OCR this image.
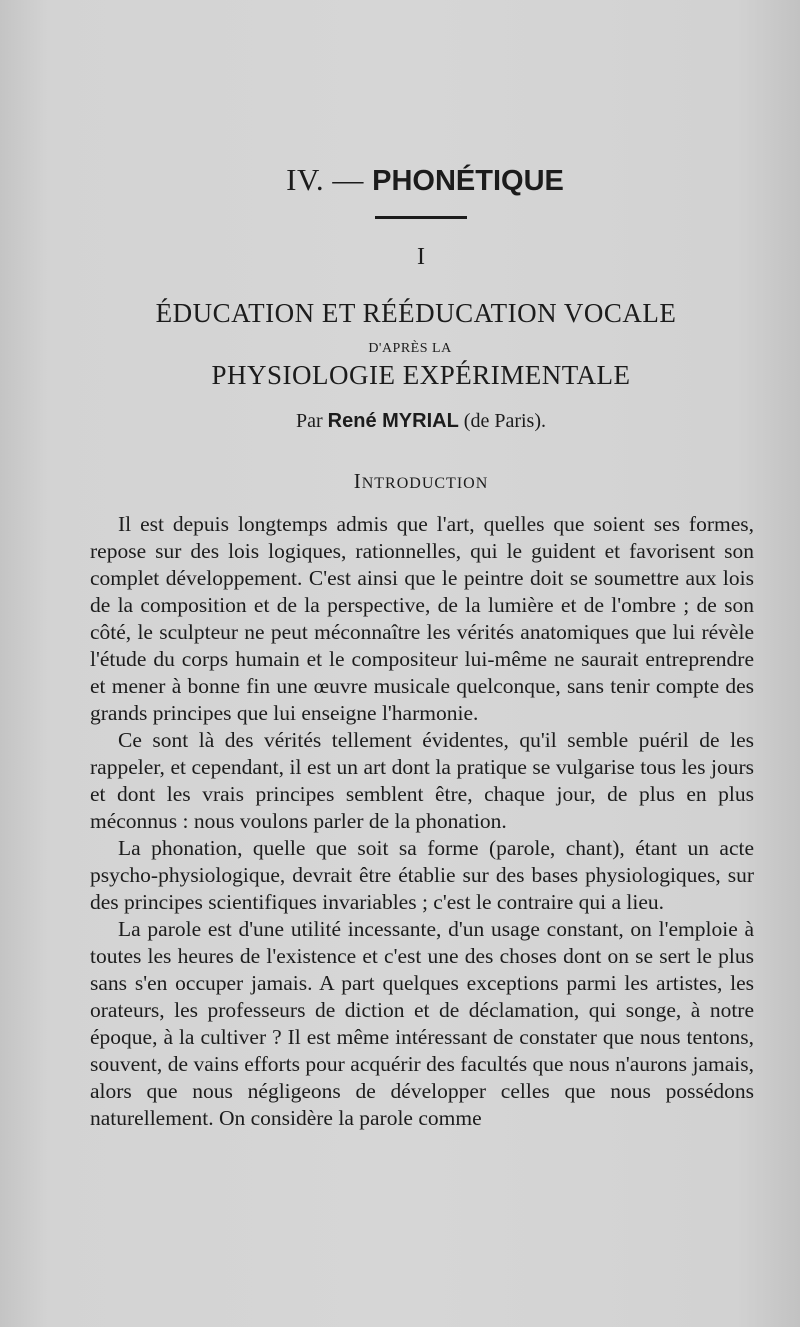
IV. — PHONÉTIQUE
I
ÉDUCATION ET RÉÉDUCATION VOCALE
D'APRÈS LA
PHYSIOLOGIE EXPÉRIMENTALE
Par René MYRIAL (de Paris).
INTRODUCTION

Il est depuis longtemps admis que l'art, quelles que soient ses formes, repose sur des lois logiques, rationnelles, qui le guident et favorisent son complet développement. C'est ainsi que le peintre doit se soumettre aux lois de la composition et de la perspective, de la lumière et de l'ombre ; de son côté, le sculpteur ne peut méconnaître les vérités anatomiques que lui révèle l'étude du corps humain et le compositeur lui-même ne saurait entreprendre et mener à bonne fin une œuvre musicale quelconque, sans tenir compte des grands principes que lui enseigne l'harmonie.

Ce sont là des vérités tellement évidentes, qu'il semble puéril de les rappeler, et cependant, il est un art dont la pratique se vulgarise tous les jours et dont les vrais principes semblent être, chaque jour, de plus en plus méconnus : nous voulons parler de la phonation.

La phonation, quelle que soit sa forme (parole, chant), étant un acte psycho-physiologique, devrait être établie sur des bases physiologiques, sur des principes scientifiques invariables ; c'est le contraire qui a lieu.

La parole est d'une utilité incessante, d'un usage constant, on l'emploie à toutes les heures de l'existence et c'est une des choses dont on se sert le plus sans s'en occuper jamais. A part quelques exceptions parmi les artistes, les orateurs, les professeurs de diction et de déclamation, qui songe, à notre époque, à la cultiver ? Il est même intéressant de constater que nous tentons, souvent, de vains efforts pour acquérir des facultés que nous n'aurons jamais, alors que nous négligeons de développer celles que nous possédons naturellement. On considère la parole comme
